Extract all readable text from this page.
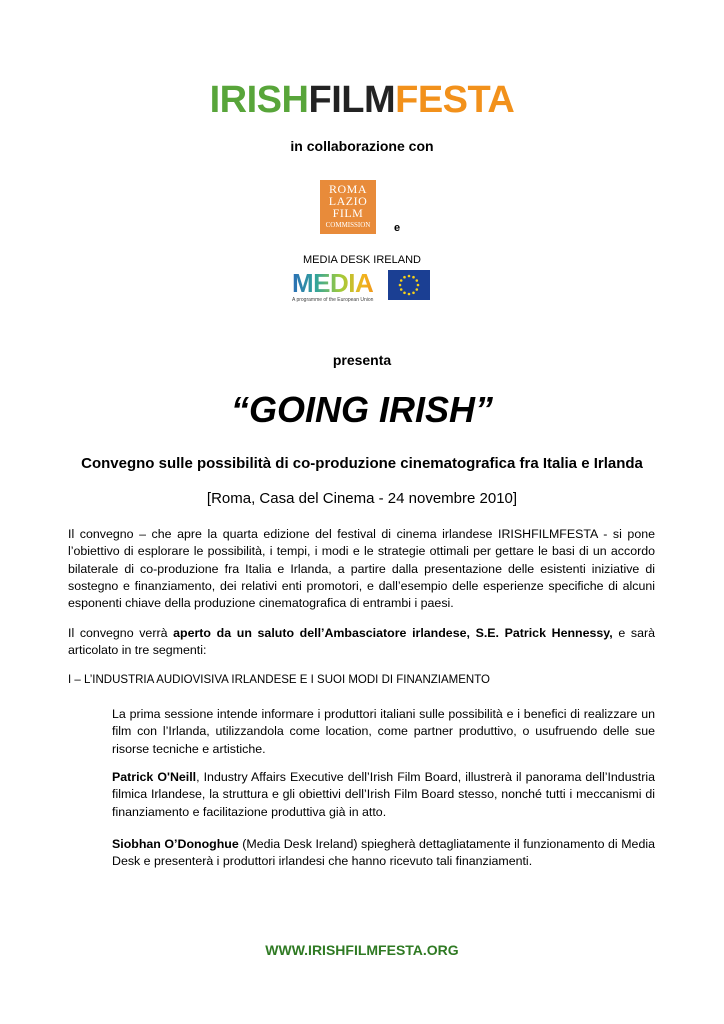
IRISHFILMFESTA
in collaborazione con
ROMA
LAZIO
FILM
COMMISSION e
MEDIA DESK IRELAND
MEDIA
A programme of the European Union
presenta
“GOING IRISH”
Convegno sulle possibilità di co-produzione cinematografica fra Italia e Irlanda
[Roma, Casa del Cinema - 24 novembre 2010]
Il convegno – che apre la quarta edizione del festival di cinema irlandese IRISHFILMFESTA - si pone l’obiettivo di esplorare le possibilità, i tempi, i modi e le strategie ottimali per gettare le basi di un accordo bilaterale di co-produzione fra Italia e Irlanda, a partire dalla presentazione delle esistenti iniziative di sostegno e finanziamento, dei relativi enti promotori, e dall’esempio delle esperienze specifiche di alcuni esponenti chiave della produzione cinematografica di entrambi i paesi.
Il convegno verrà aperto da un saluto dell’Ambasciatore irlandese, S.E. Patrick Hennessy, e sarà articolato in tre segmenti:
I – L’INDUSTRIA AUDIOVISIVA IRLANDESE E I SUOI MODI DI FINANZIAMENTO
La prima sessione intende informare i produttori italiani sulle possibilità e i benefici di realizzare un film con l’Irlanda, utilizzandola come location, come partner produttivo, o usufruendo delle sue risorse tecniche e artistiche.
Patrick O'Neill, Industry Affairs Executive dell’Irish Film Board, illustrerà il panorama dell’Industria filmica Irlandese, la struttura e gli obiettivi dell’Irish Film Board stesso, nonché tutti i meccanismi di finanziamento e facilitazione produttiva già in atto.
Siobhan O’Donoghue (Media Desk Ireland) spiegherà dettagliatamente il funzionamento di Media Desk e presenterà i produttori irlandesi che hanno ricevuto tali finanziamenti.
WWW.IRISHFILMFESTA.ORG
